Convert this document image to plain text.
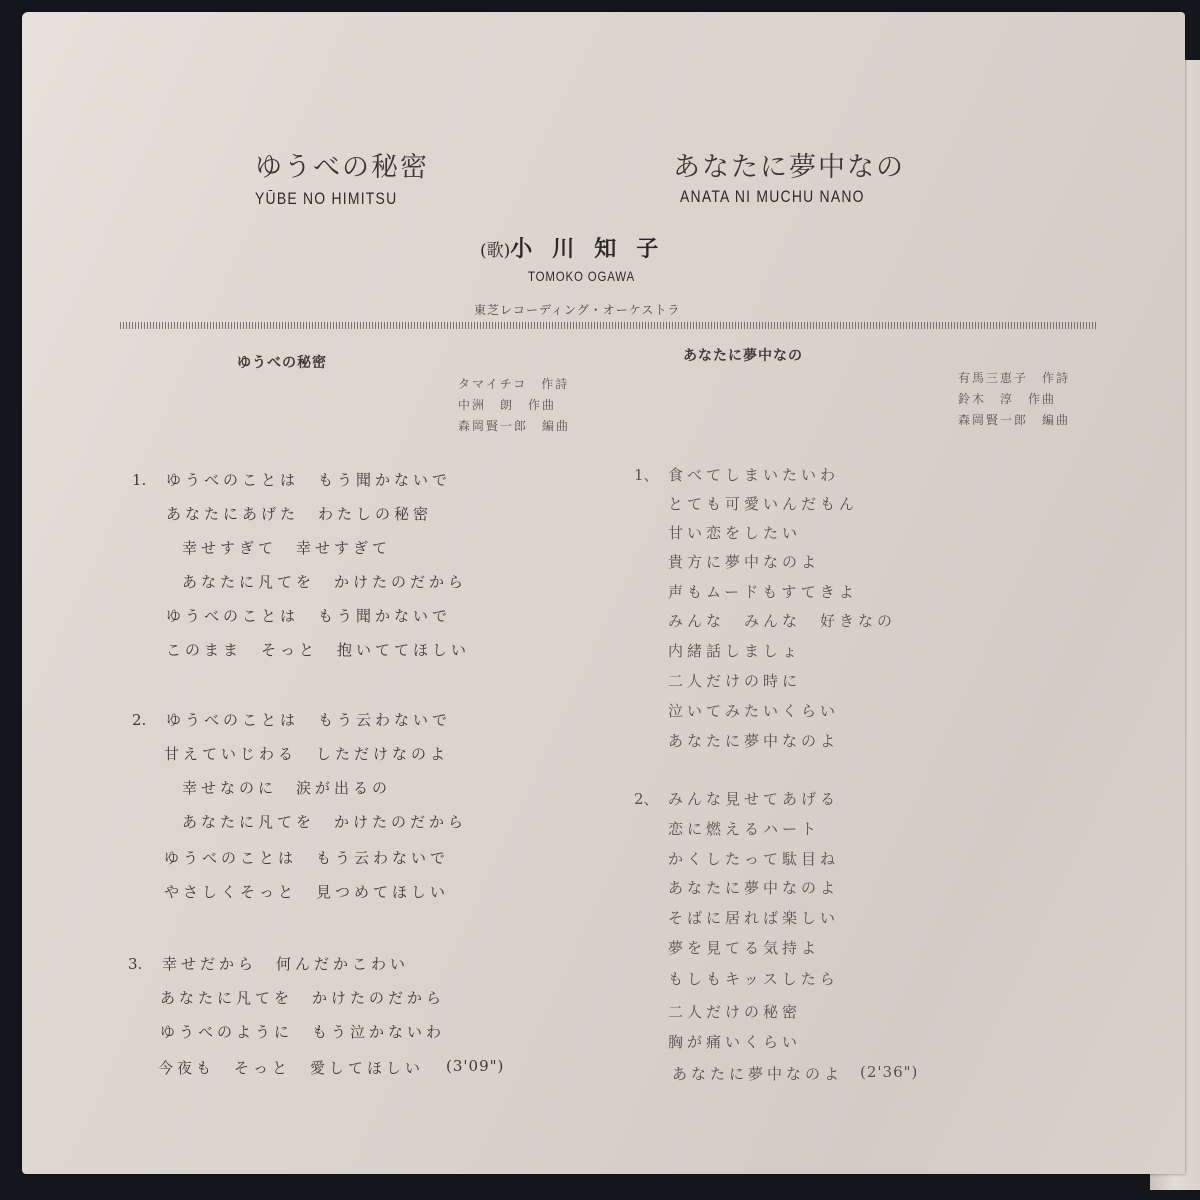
ゆうべの秘密
YŪBE NO HIMITSU
あなたに夢中なの
ANATA NI MUCHU NANO
(歌)小川知子
TOMOKO OGAWA
東芝レコーディング・オーケストラ
ゆうべの秘密
タマイチコ 作詩
中洲　朗 作曲
森岡賢一郎 編曲
1. ゆうべのことは　もう聞かないで
あなたにあげた　わたしの秘密
幸せすぎて　幸せすぎて
あなたに凡てを　かけたのだから
ゆうべのことは　もう聞かないで
このまま　そっと　抱いててほしい
2. ゆうべのことは　もう云わないで
甘えていじわる　しただけなのよ
幸せなのに　涙が出るの
あなたに凡てを　かけたのだから
ゆうべのことは　もう云わないで
やさしくそっと　見つめてほしい
3. 幸せだから　何んだかこわい
あなたに凡てを　かけたのだから
ゆうべのように　もう泣かないわ
今夜も　そっと　愛してほしい (3'09")
あなたに夢中なの
有馬三恵子 作詩
鈴木　淳 作曲
森岡賢一郎 編曲
1、 食べてしまいたいわ
とても可愛いんだもん
甘い恋をしたい
貴方に夢中なのよ
声もムードもすてきよ
みんな　みんな　好きなの
内緒話しましょ
二人だけの時に
泣いてみたいくらい
あなたに夢中なのよ
2、 みんな見せてあげる
恋に燃えるハート
かくしたって駄目ね
あなたに夢中なのよ
そばに居れば楽しい
夢を見てる気持よ
もしもキッスしたら
二人だけの秘密
胸が痛いくらい
あなたに夢中なのよ (2'36")
